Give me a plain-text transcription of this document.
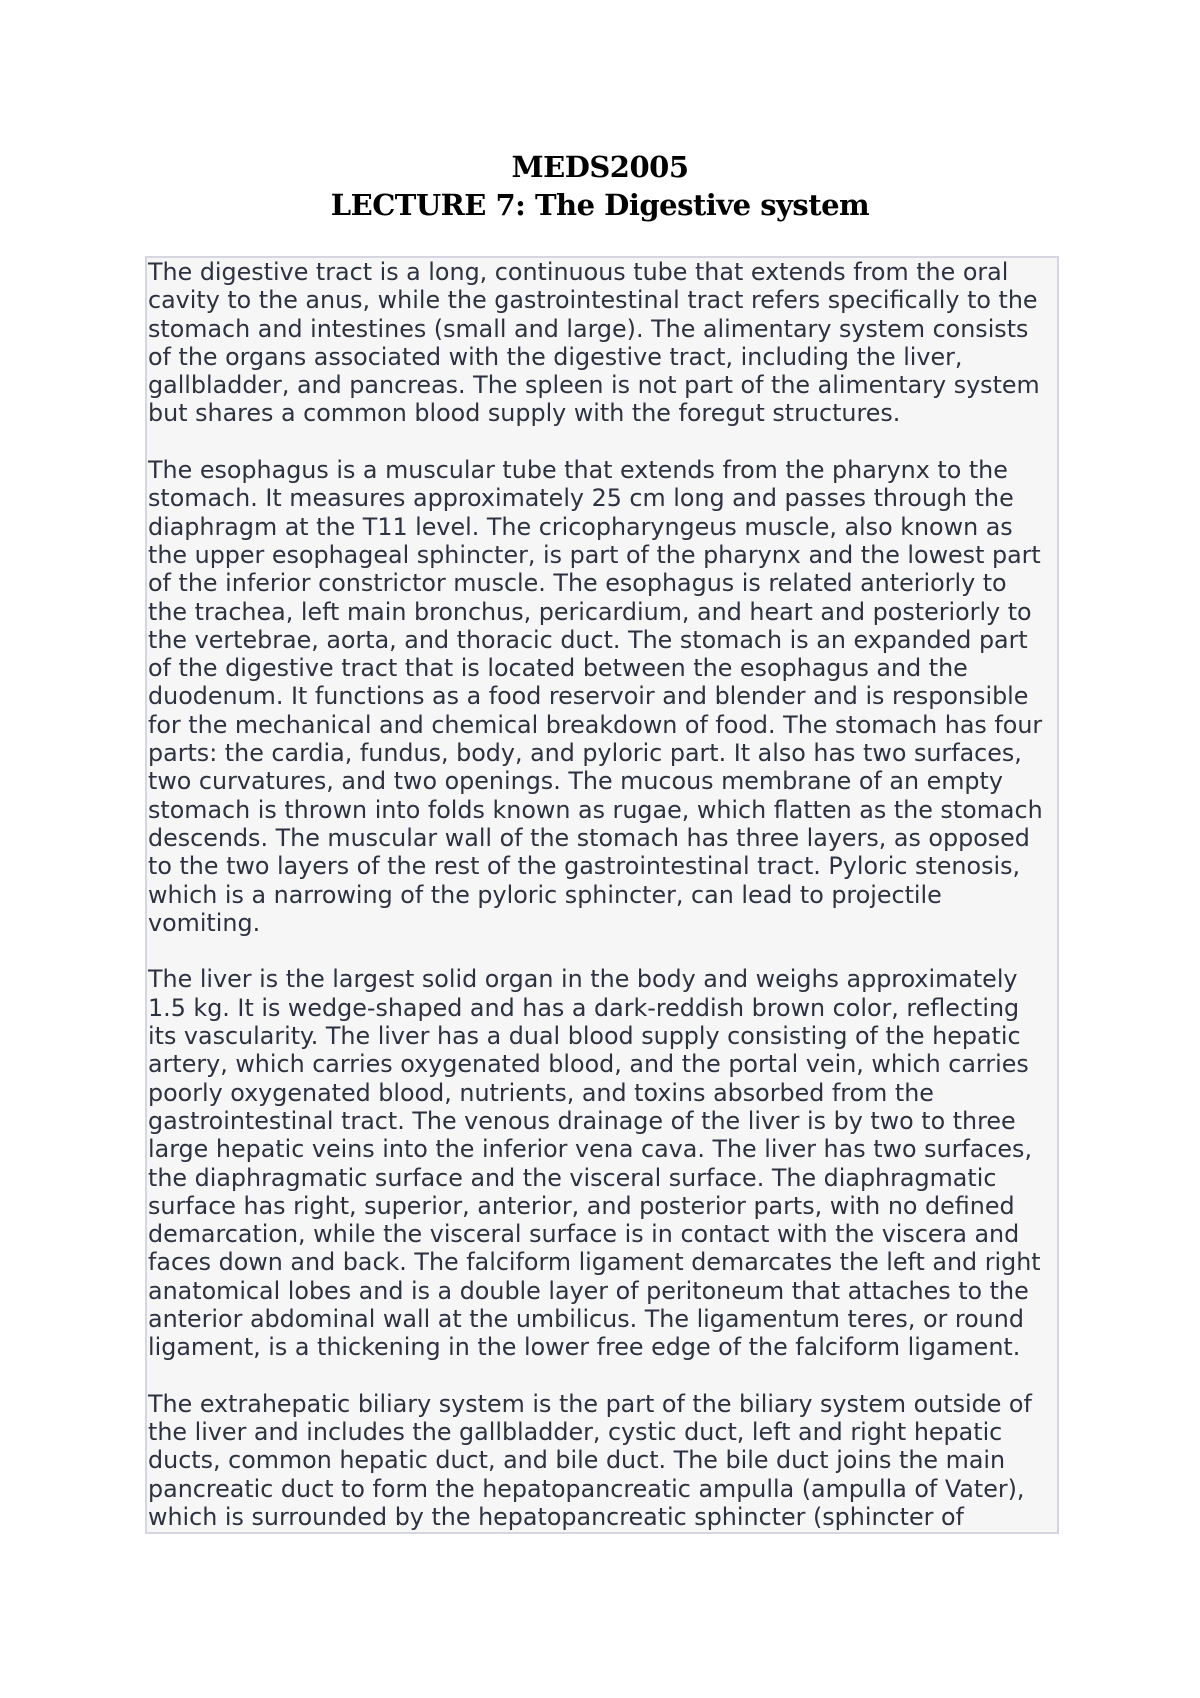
MEDS2005
LECTURE 7: The Digestive system

The digestive tract is a long, continuous tube that extends from the oral
cavity to the anus, while the gastrointestinal tract refers specifically to the
stomach and intestines (small and large). The alimentary system consists
of the organs associated with the digestive tract, including the liver,
gallbladder, and pancreas. The spleen is not part of the alimentary system
but shares a common blood supply with the foregut structures.

The esophagus is a muscular tube that extends from the pharynx to the
stomach. It measures approximately 25 cm long and passes through the
diaphragm at the T11 level. The cricopharyngeus muscle, also known as
the upper esophageal sphincter, is part of the pharynx and the lowest part
of the inferior constrictor muscle. The esophagus is related anteriorly to
the trachea, left main bronchus, pericardium, and heart and posteriorly to
the vertebrae, aorta, and thoracic duct. The stomach is an expanded part
of the digestive tract that is located between the esophagus and the
duodenum. It functions as a food reservoir and blender and is responsible
for the mechanical and chemical breakdown of food. The stomach has four
parts: the cardia, fundus, body, and pyloric part. It also has two surfaces,
two curvatures, and two openings. The mucous membrane of an empty
stomach is thrown into folds known as rugae, which flatten as the stomach
descends. The muscular wall of the stomach has three layers, as opposed
to the two layers of the rest of the gastrointestinal tract. Pyloric stenosis,
which is a narrowing of the pyloric sphincter, can lead to projectile
vomiting.

The liver is the largest solid organ in the body and weighs approximately
1.5 kg. It is wedge-shaped and has a dark-reddish brown color, reflecting
its vascularity. The liver has a dual blood supply consisting of the hepatic
artery, which carries oxygenated blood, and the portal vein, which carries
poorly oxygenated blood, nutrients, and toxins absorbed from the
gastrointestinal tract. The venous drainage of the liver is by two to three
large hepatic veins into the inferior vena cava. The liver has two surfaces,
the diaphragmatic surface and the visceral surface. The diaphragmatic
surface has right, superior, anterior, and posterior parts, with no defined
demarcation, while the visceral surface is in contact with the viscera and
faces down and back. The falciform ligament demarcates the left and right
anatomical lobes and is a double layer of peritoneum that attaches to the
anterior abdominal wall at the umbilicus. The ligamentum teres, or round
ligament, is a thickening in the lower free edge of the falciform ligament.

The extrahepatic biliary system is the part of the biliary system outside of
the liver and includes the gallbladder, cystic duct, left and right hepatic
ducts, common hepatic duct, and bile duct. The bile duct joins the main
pancreatic duct to form the hepatopancreatic ampulla (ampulla of Vater),
which is surrounded by the hepatopancreatic sphincter (sphincter of
